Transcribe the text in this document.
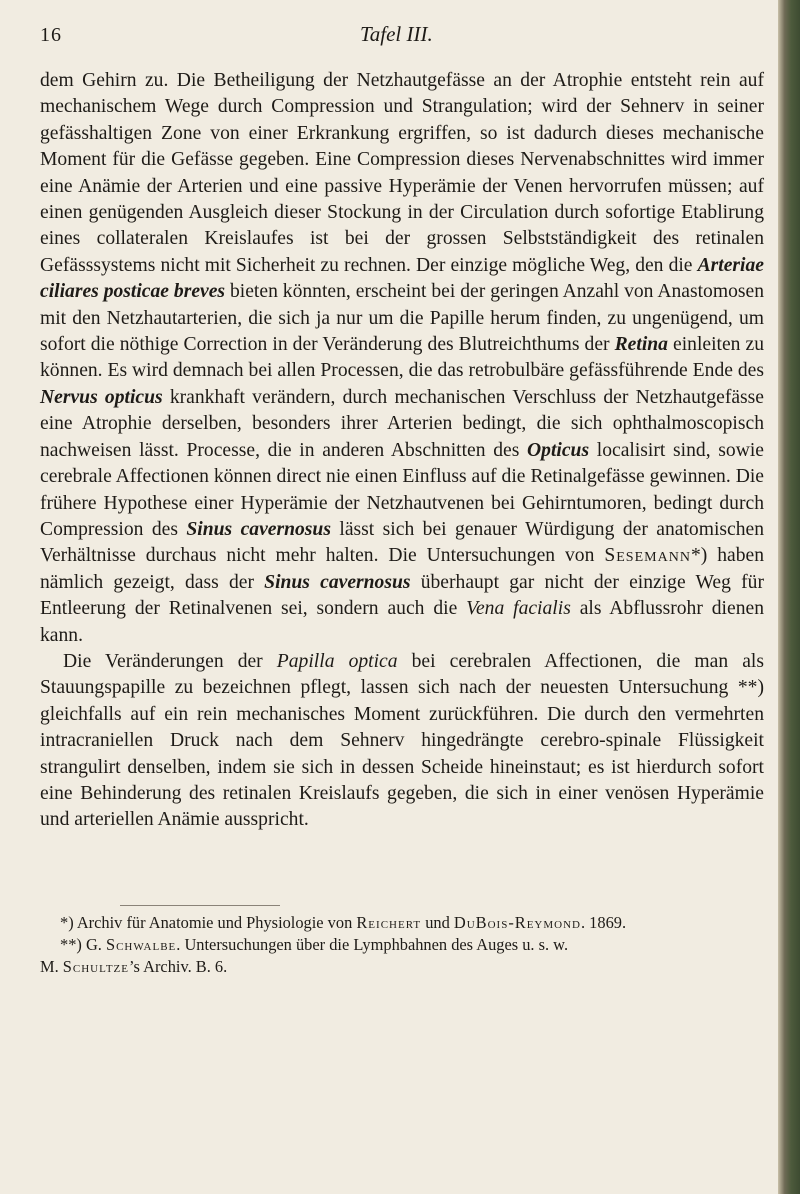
16	Tafel III.

dem Gehirn zu. Die Betheiligung der Netzhautgefässe an der Atrophie entsteht rein auf mechanischem Wege durch Compression und Strangulation; wird der Sehnerv in seiner gefässhaltigen Zone von einer Erkrankung ergriffen, so ist dadurch dieses mechanische Moment für die Gefässe gegeben. Eine Compression dieses Nervenabschnittes wird immer eine Anämie der Arterien und eine passive Hyperämie der Venen hervorrufen müssen; auf einen genügenden Ausgleich dieser Stockung in der Circulation durch sofortige Etablirung eines collateralen Kreislaufes ist bei der grossen Selbstständigkeit des retinalen Gefässsystems nicht mit Sicherheit zu rechnen. Der einzige mögliche Weg, den die Arteriae ciliares posticae breves bieten könnten, erscheint bei der geringen Anzahl von Anastomosen mit den Netzhautarterien, die sich ja nur um die Papille herum finden, zu ungenügend, um sofort die nöthige Correction in der Veränderung des Blutreichthums der Retina einleiten zu können. Es wird demnach bei allen Processen, die das retrobulbäre gefässführende Ende des Nervus opticus krankhaft verändern, durch mechanischen Verschluss der Netzhautgefässe eine Atrophie derselben, besonders ihrer Arterien bedingt, die sich ophthalmoscopisch nachweisen lässt. Processe, die in anderen Abschnitten des Opticus localisirt sind, sowie cerebrale Affectionen können direct nie einen Einfluss auf die Retinalgefässe gewinnen. Die frühere Hypothese einer Hyperämie der Netzhautvenen bei Gehirntumoren, bedingt durch Compression des Sinus cavernosus lässt sich bei genauer Würdigung der anatomischen Verhältnisse durchaus nicht mehr halten. Die Untersuchungen von Sesemann*) haben nämlich gezeigt, dass der Sinus cavernosus überhaupt gar nicht der einzige Weg für Entleerung der Retinalvenen sei, sondern auch die Vena facialis als Abflussrohr dienen kann.

Die Veränderungen der Papilla optica bei cerebralen Affectionen, die man als Stauungspapille zu bezeichnen pflegt, lassen sich nach der neuesten Untersuchung **) gleichfalls auf ein rein mechanisches Moment zurückführen. Die durch den vermehrten intracraniellen Druck nach dem Sehnerv hingedrängte cerebro-spinale Flüssigkeit strangulirt denselben, indem sie sich in dessen Scheide hineinstaut; es ist hierdurch sofort eine Behinderung des retinalen Kreislaufs gegeben, die sich in einer venösen Hyperämie und arteriellen Anämie ausspricht.

*) Archiv für Anatomie und Physiologie von Reichert und DuBois-Reymond. 1869.

**) G. Schwalbe. Untersuchungen über die Lymphbahnen des Auges u. s. w.

M. Schultze’s Archiv. B. 6.
